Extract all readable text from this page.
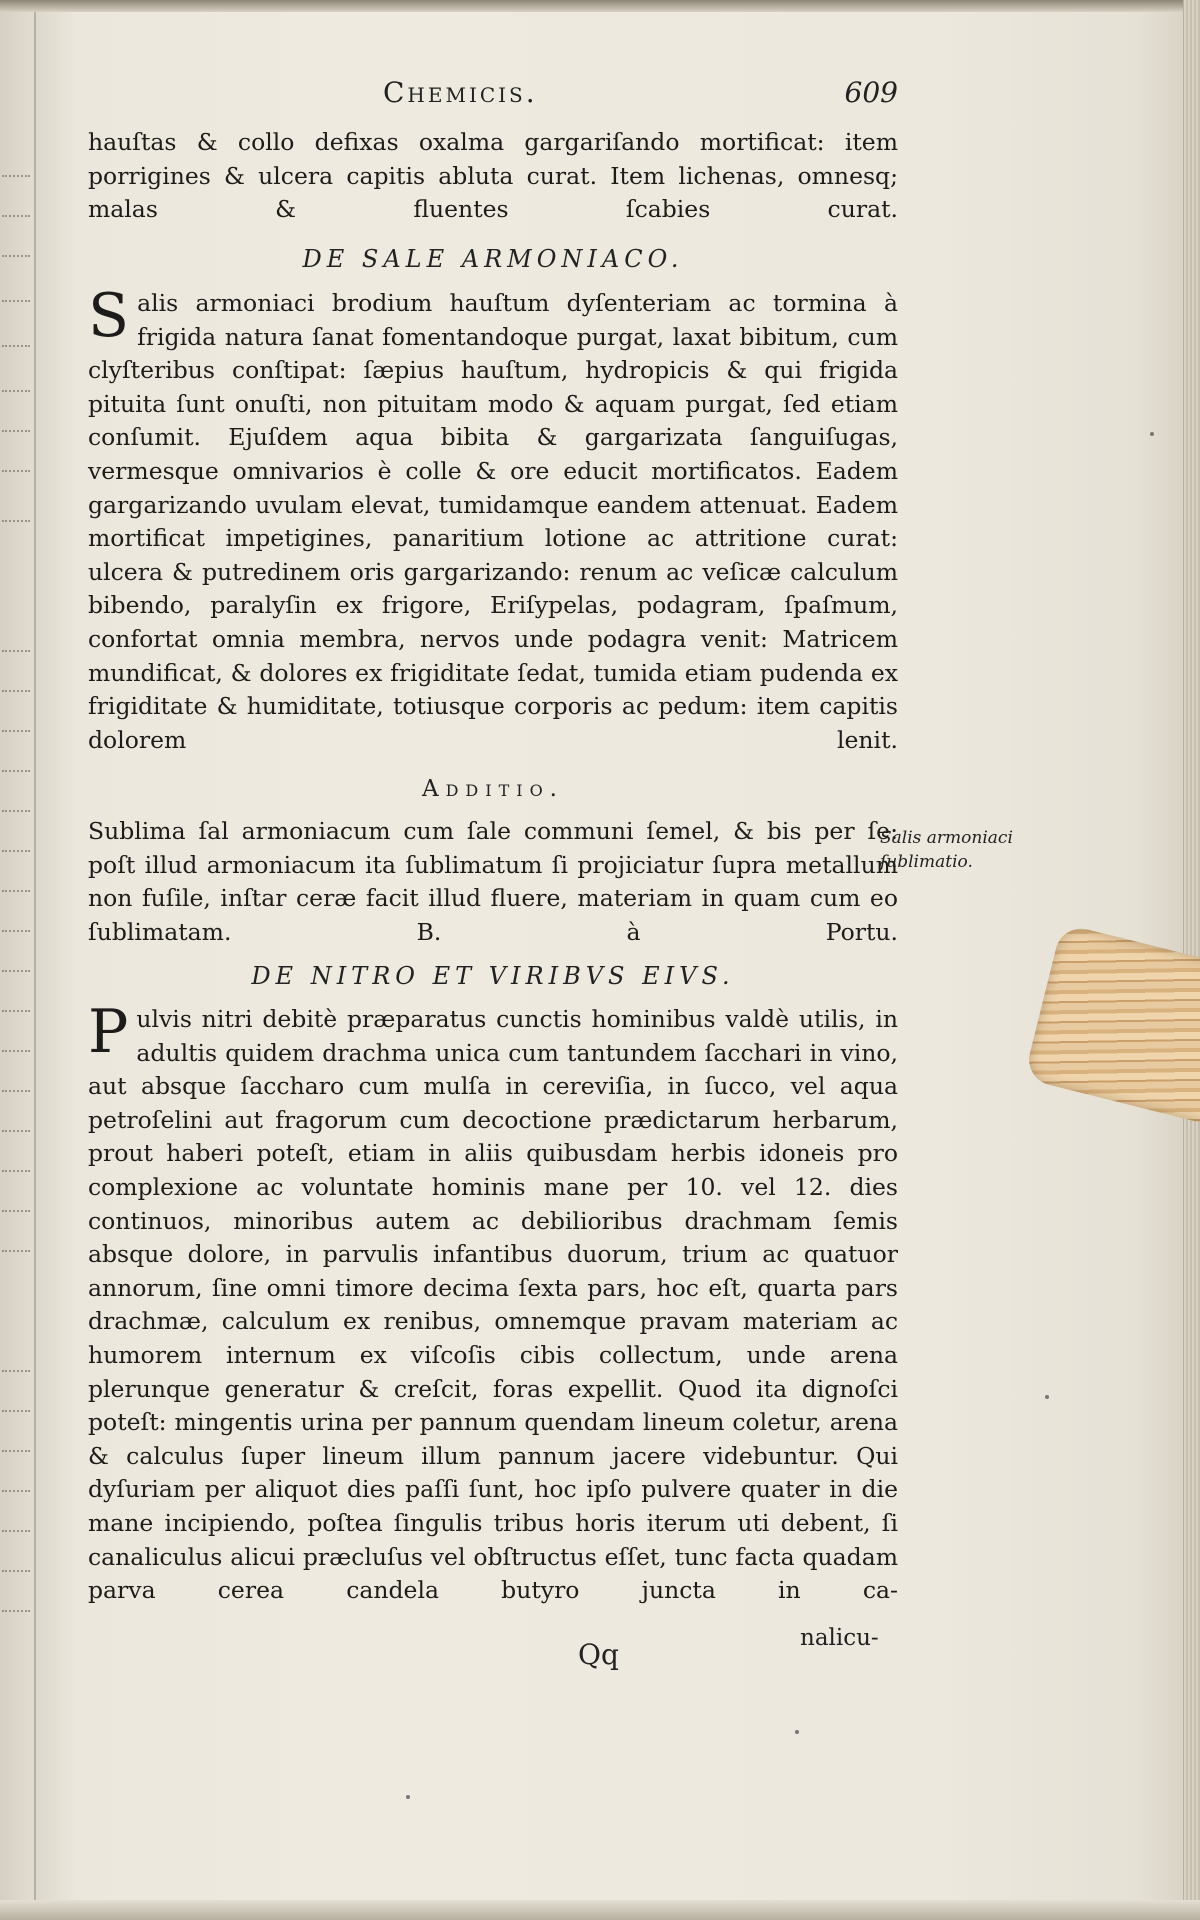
Chemicis.	609
hauſtas & collo defixas oxalma gargariſando mortificat: item porrigines & ulcera capitis abluta curat. Item lichenas, omnesq; malas & fluentes ſcabies curat.
DE SALE ARMONIACO.
Salis armoniaci brodium hauſtum dyſenteriam ac tormina à frigida natura ſanat fomentandoque purgat, laxat bibitum, cum clyſteribus conſtipat: ſæpius hauſtum, hydropicis & qui frigida pituita ſunt onuſti, non pituitam modo & aquam purgat, ſed etiam conſumit. Ejuſdem aqua bibita & gargarizata ſanguiſugas, vermesque omnivarios è colle & ore educit mortificatos. Eadem gargarizando uvulam elevat, tumidamque eandem attenuat. Eadem mortificat impetigines, panaritium lotione ac attritione curat: ulcera & putredinem oris gargarizando: renum ac veſicæ calculum bibendo, paralyſin ex frigore, Eriſypelas, podagram, ſpaſmum, confortat omnia membra, nervos unde podagra venit: Matricem mundificat, & dolores ex frigiditate ſedat, tumida etiam pudenda ex frigiditate & humiditate, totiusque corporis ac pedum: item capitis dolorem lenit.
Additio.
Sublima ſal armoniacum cum ſale communi ſemel, & bis per ſe: poſt illud armoniacum ita ſublimatum ſi projiciatur ſupra metallum non fuſile, inſtar ceræ facit illud fluere, materiam in quam cum eo ſublimatam. B. à Portu.
Salis armoniaci ſublimatio.
DE NITRO ET VIRIBVS EIVS.
Pulvis nitri debitè præparatus cunctis hominibus valdè utilis, in adultis quidem drachma unica cum tantundem ſacchari in vino, aut absque ſaccharo cum mulſa in cereviſia, in ſucco, vel aqua petroſelini aut fragorum cum decoctione prædictarum herbarum, prout haberi poteſt, etiam in aliis quibusdam herbis idoneis pro complexione ac voluntate hominis mane per 10. vel 12. dies continuos, minoribus autem ac debilioribus drachmam ſemis absque dolore, in parvulis infantibus duorum, trium ac quatuor annorum, ſine omni timore decima ſexta pars, hoc eſt, quarta pars drachmæ, calculum ex renibus, omnemque pravam materiam ac humorem internum ex viſcoſis cibis collectum, unde arena plerunque generatur & creſcit, foras expellit. Quod ita dignoſci poteſt: mingentis urina per pannum quendam lineum coletur, arena & calculus ſuper lineum illum pannum jacere videbuntur. Qui dyſuriam per aliquot dies paſſi ſunt, hoc ipſo pulvere quater in die mane incipiendo, poſtea ſingulis tribus horis iterum uti debent, ſi canaliculus alicui præcluſus vel obſtructus eſſet, tunc facta quadam parva cerea candela butyro juncta in ca-
Qq	nalicu-
